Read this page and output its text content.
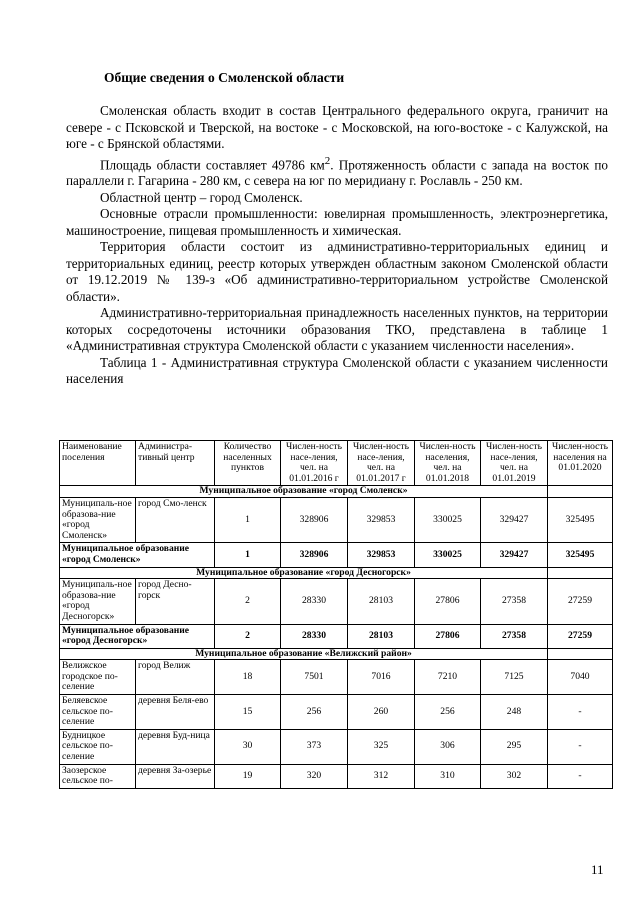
Общие сведения о Смоленской области

Смоленская область входит в состав Центрального федерального округа, граничит на севере - с Псковской и Тверской, на востоке - с Московской, на юго-востоке - с Калужской, на юге - с Брянской областями.

Площадь области составляет 49786 $км^2$. Протяженность области с запада на восток по параллели г. Гагарина - 280 км, с севера на юг по меридиану г. Рославль - 250 км.

Областной центр – город Смоленск.

Основные отрасли промышленности: ювелирная промышленность, электроэнергетика, машиностроение, пищевая промышленность и химическая.

Территория области состоит из административно-территориальных единиц и территориальных единиц, реестр которых утвержден областным законом Смоленской области от 19.12.2019 № 139-з «Об административно-территориальном устройстве Смоленской области».

Административно-территориальная принадлежность населенных пунктов, на территории которых сосредоточены источники образования ТКО, представлена в таблице 1 «Административная структура Смоленской области с указанием численности населения».

Таблица 1 - Административная структура Смоленской области с указанием численности населения

Наименование поселения	Администра-тивный центр	Количество населенных пунктов	Числен-ность насе-ления, чел. на 01.01.2016 г	Числен-ность насе-ления, чел. на 01.01.2017 г	Числен-ность населения, чел. на 01.01.2018	Числен-ность насе-ления, чел. на 01.01.2019	Числен-ность населения на 01.01.2020
Муниципальное образование «город Смоленск»							
Муниципаль-ное образова-ние «город Смоленск»	город Смо-ленск	1	328906	329853	330025	329427	325495
Муниципальное образование «город Смоленск»		1	328906	329853	330025	329427	325495
Муниципальное образование «город Десногорск»							
Муниципаль-ное образова-ние «город Десногорск»	город Десно-горск	2	28330	28103	27806	27358	27259
Муниципальное образование «город Десногорск»		2	28330	28103	27806	27358	27259
Муниципальное образование «Велижский район»							
Велижское городское по-селение	город Велиж	18	7501	7016	7210	7125	7040
Беляевское сельское по-селение	деревня Беля-ево	15	256	260	256	248	-
Будницкое сельское по-селение	деревня Буд-ница	30	373	325	306	295	-
Заозерское сельское по-	деревня За-озерье	19	320	312	310	302	-
11
